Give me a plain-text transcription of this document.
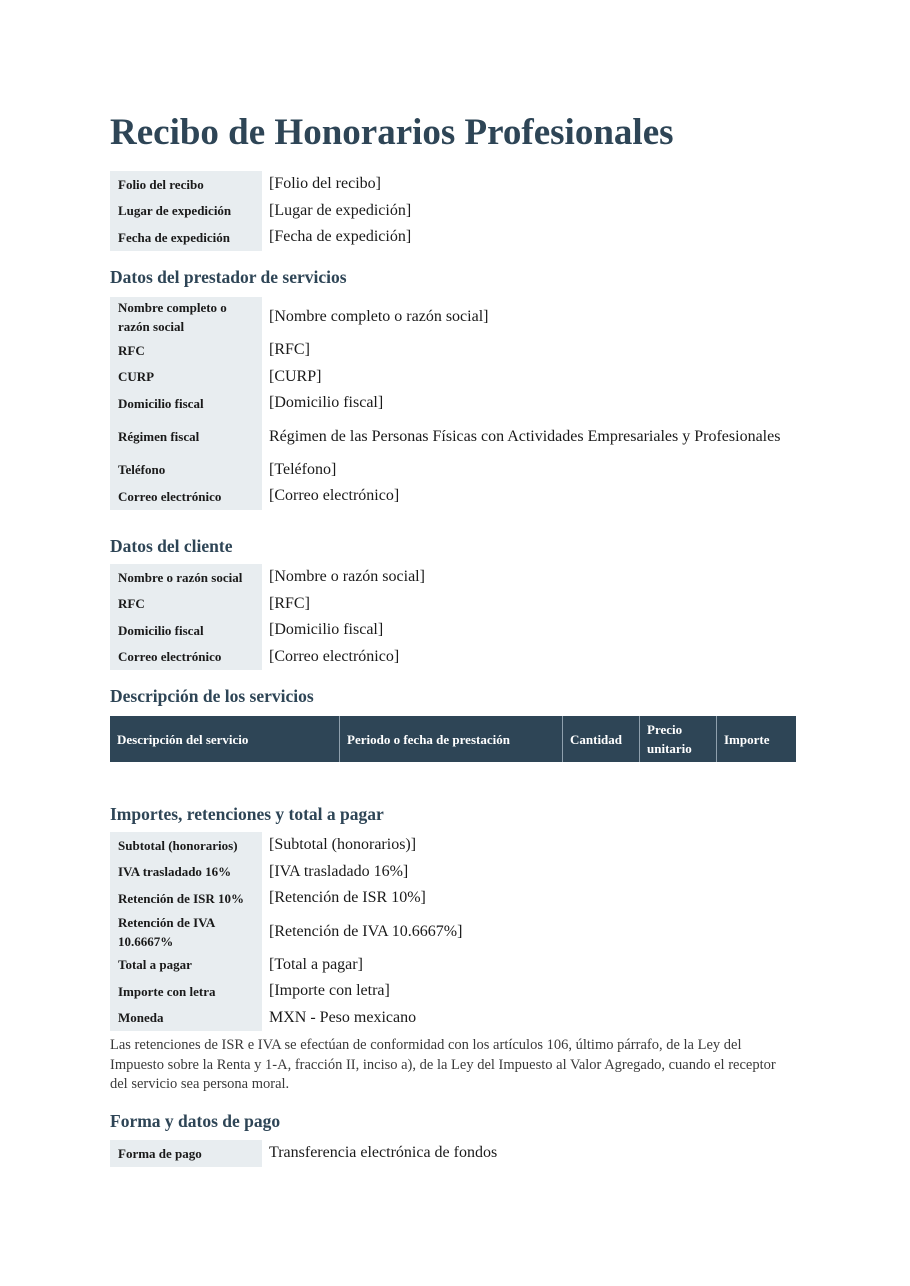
Recibo de Honorarios Profesionales
Folio del recibo	[Folio del recibo]
Lugar de expedición	[Lugar de expedición]
Fecha de expedición	[Fecha de expedición]
Datos del prestador de servicios
Nombre completo o razón social	[Nombre completo o razón social]
RFC	[RFC]
CURP	[CURP]
Domicilio fiscal	[Domicilio fiscal]
Régimen fiscal	Régimen de las Personas Físicas con Actividades Empresariales y Profesionales
Teléfono	[Teléfono]
Correo electrónico	[Correo electrónico]
Datos del cliente
Nombre o razón social	[Nombre o razón social]
RFC	[RFC]
Domicilio fiscal	[Domicilio fiscal]
Correo electrónico	[Correo electrónico]
Descripción de los servicios
Descripción del servicio	Periodo o fecha de prestación	Cantidad	Precio unitario	Importe
Importes, retenciones y total a pagar
Subtotal (honorarios)	[Subtotal (honorarios)]
IVA trasladado 16%	[IVA trasladado 16%]
Retención de ISR 10%	[Retención de ISR 10%]
Retención de IVA 10.6667%	[Retención de IVA 10.6667%]
Total a pagar	[Total a pagar]
Importe con letra	[Importe con letra]
Moneda	MXN - Peso mexicano

Las retenciones de ISR e IVA se efectúan de conformidad con los artículos 106, último párrafo, de la Ley del Impuesto sobre la Renta y 1-A, fracción II, inciso a), de la Ley del Impuesto al Valor Agregado, cuando el receptor del servicio sea persona moral.

Forma y datos de pago
Forma de pago	Transferencia electrónica de fondos
